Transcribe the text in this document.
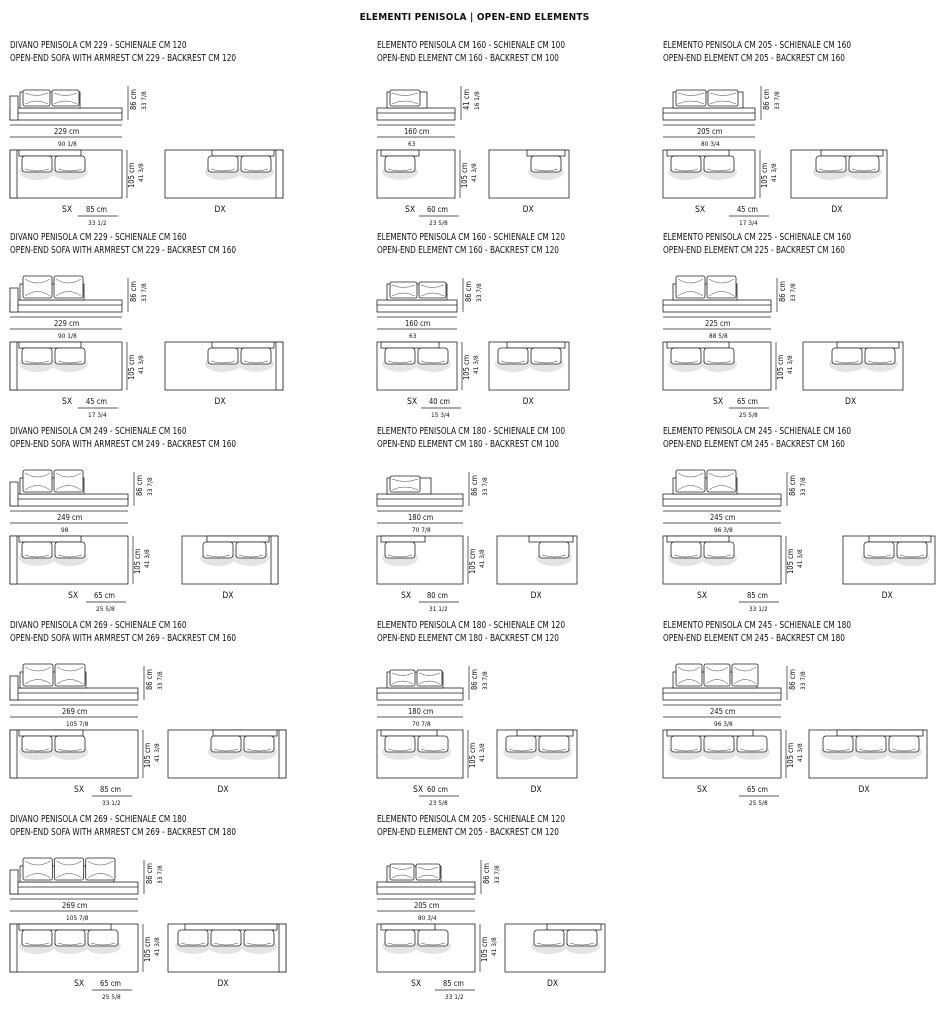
ELEMENTI PENISOLA | OPEN-END ELEMENTS
DIVANO PENISOLA CM 229 - SCHIENALE CM 120
OPEN-END SOFA WITH ARMREST CM 229 - BACKREST CM 120
86 cm 33 7/8
229 cm
90 1/8
105 cm 41 3/8
SX	DX
85 cm
33 1/2
ELEMENTO PENISOLA CM 160 - SCHIENALE CM 100
OPEN-END ELEMENT CM 160 - BACKREST CM 100
41 cm 16 1/8
160 cm
63
105 cm 41 3/8
SX	DX
60 cm
23 5/8
ELEMENTO PENISOLA CM 205 - SCHIENALE CM 160
OPEN-END ELEMENT CM 205 - BACKREST CM 160
86 cm 33 7/8
205 cm
80 3/4
105 cm 41 3/8
SX	DX
45 cm
17 3/4
DIVANO PENISOLA CM 229 - SCHIENALE CM 160
OPEN-END SOFA WITH ARMREST CM 229 - BACKREST CM 160
86 cm 33 7/8
229 cm
90 1/8
105 cm 41 3/8
SX	DX
45 cm
17 3/4
ELEMENTO PENISOLA CM 160 - SCHIENALE CM 120
OPEN-END ELEMENT CM 160 - BACKREST CM 120
86 cm 33 7/8
160 cm
63
105 cm 41 3/8
SX	DX
40 cm
15 3/4
ELEMENTO PENISOLA CM 225 - SCHIENALE CM 160
OPEN-END ELEMENT CM 225 - BACKREST CM 160
86 cm 33 7/8
225 cm
88 5/8
105 cm 41 3/8
SX	DX
65 cm
25 5/8
DIVANO PENISOLA CM 249 - SCHIENALE CM 160
OPEN-END SOFA WITH ARMREST CM 249 - BACKREST CM 160
86 cm 33 7/8
249 cm
98
105 cm 41 3/8
SX	DX
65 cm
25 5/8
ELEMENTO PENISOLA CM 180 - SCHIENALE CM 100
OPEN-END ELEMENT CM 180 - BACKREST CM 100
86 cm 33 7/8
180 cm
70 7/8
105 cm 41 3/8
SX	DX
80 cm
31 1/2
ELEMENTO PENISOLA CM 245 - SCHIENALE CM 160
OPEN-END ELEMENT CM 245 - BACKREST CM 160
86 cm 33 7/8
245 cm
96 3/8
105 cm 41 3/8
SX	DX
85 cm
33 1/2
DIVANO PENISOLA CM 269 - SCHIENALE CM 160
OPEN-END SOFA WITH ARMREST CM 269 - BACKREST CM 160
86 cm 33 7/8
269 cm
105 7/8
105 cm 41 3/8
SX	DX
85 cm
33 1/2
ELEMENTO PENISOLA CM 180 - SCHIENALE CM 120
OPEN-END ELEMENT CM 180 - BACKREST CM 120
86 cm 33 7/8
180 cm
70 7/8
105 cm 41 3/8
SX	DX
60 cm
23 5/8
ELEMENTO PENISOLA CM 245 - SCHIENALE CM 180
OPEN-END ELEMENT CM 245 - BACKREST CM 180
86 cm 33 7/8
245 cm
96 3/8
105 cm 41 3/8
SX	DX
65 cm
25 5/8
DIVANO PENISOLA CM 269 - SCHIENALE CM 180
OPEN-END SOFA WITH ARMREST CM 269 - BACKREST CM 180
86 cm 33 7/8
269 cm
105 7/8
105 cm 41 3/8
SX	DX
65 cm
25 5/8
ELEMENTO PENISOLA CM 205 - SCHIENALE CM 120
OPEN-END ELEMENT CM 205 - BACKREST CM 120
86 cm 33 7/8
205 cm
80 3/4
105 cm 41 3/8
SX	DX
85 cm
33 1/2
